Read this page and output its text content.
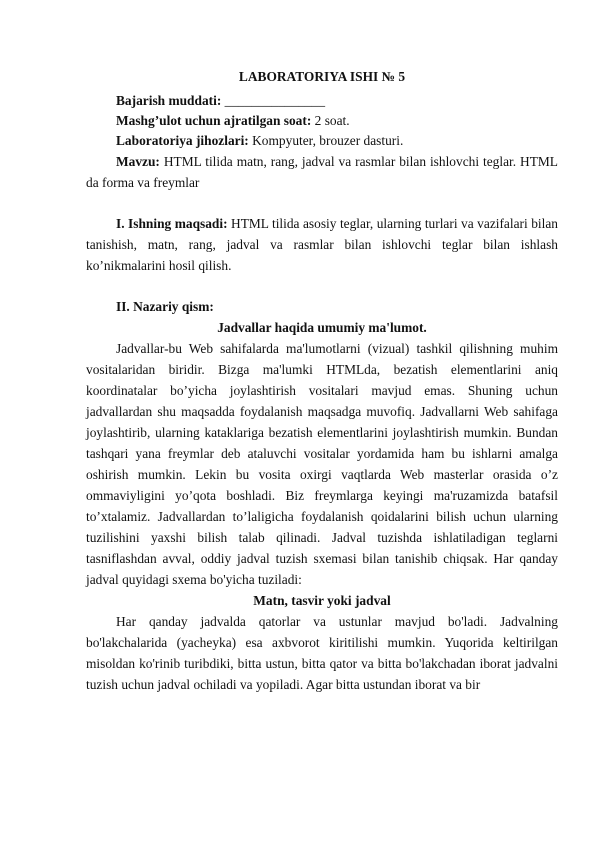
LABORATORIYA ISHI № 5

Bajarish muddati: _______________

Mashg’ulot uchun ajratilgan soat: 2 soat.

Laboratoriya jihozlari: Kompyuter, brouzer dasturi.

Mavzu: HTML tilida matn, rang, jadval va rasmlar bilan ishlovchi teglar. HTML da forma va freymlar

I. Ishning maqsadi: HTML tilida asosiy teglar, ularning turlari va vazifalari bilan tanishish, matn, rang, jadval va rasmlar bilan ishlovchi teglar bilan ishlash ko’nikmalarini hosil qilish.

II. Nazariy qism:

Jadvallar haqida umumiy ma'lumot.

Jadvallar-bu Web sahifalarda ma'lumotlarni (vizual) tashkil qilishning muhim vositalaridan biridir. Bizga ma'lumki HTMLda, bezatish elementlarini aniq koordinatalar bo’yicha joylashtirish vositalari mavjud emas. Shuning uchun jadvallardan shu maqsadda foydalanish maqsadga muvofiq. Jadvallarni Web sahifaga joylashtirib, ularning kataklariga bezatish elementlarini joylashtirish mumkin. Bundan tashqari yana freymlar deb ataluvchi vositalar yordamida ham bu ishlarni amalga oshirish mumkin. Lekin bu vosita oxirgi vaqtlarda Web masterlar orasida o’z ommaviyligini yo’qota boshladi. Biz freymlarga keyingi ma'ruzamizda batafsil to’xtalamiz. Jadvallardan to’laligicha foydalanish qoidalarini bilish uchun ularning tuzilishini yaxshi bilish talab qilinadi. Jadval tuzishda ishlatiladigan teglarni tasniflashdan avval, oddiy jadval tuzish sxemasi bilan tanishib chiqsak. Har qanday jadval quyidagi sxema bo'yicha tuziladi:

Matn, tasvir yoki jadval

Har qanday jadvalda qatorlar va ustunlar mavjud bo'ladi. Jadvalning bo'lakchalarida (yacheyka) esa axbvorot kiritilishi mumkin. Yuqorida keltirilgan misoldan ko'rinib turibdiki, bitta ustun, bitta qator va bitta bo'lakchadan iborat jadvalni tuzish uchun jadval ochiladi va yopiladi. Agar bitta ustundan iborat va bir
